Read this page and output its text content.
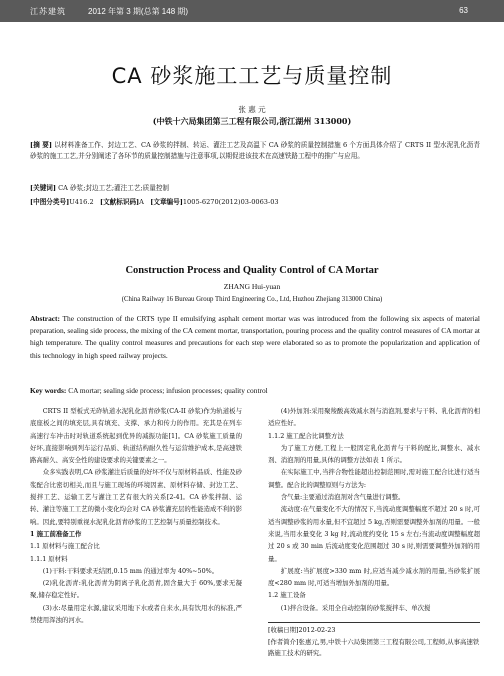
江苏建筑	2012 年第 3 期(总第 148 期)	63
CA 砂浆施工工艺与质量控制
张 惠 元
(中铁十六局集团第三工程有限公司,浙江湖州 313000)
[摘 要] 以材料准备工作、封边工艺、CA 砂浆的拌制、转运、灌注工艺及高温下 CA 砂浆的质量控制措施 6 个方面具体介绍了 CRTS II 型水泥乳化沥青砂浆的施工工艺,并分别阐述了各环节的质量控制措施与注意事项,以期促进该技术在高速铁路工程中的推广与应用。
[关键词] CA 砂浆;封边工艺;灌注工艺;质量控制
[中图分类号]U416.2 [文献标识码]A [文章编号]1005-6270(2012)03-0063-03
Construction Process and Quality Control of CA Mortar
ZHANG Hui-yuan
(China Railway 16 Bureau Group Third Engineering Co., Ltd, Huzhou Zhejiang 313000 China)
Abstract: The construction of the CRTS type II emulsifying asphalt cement mortar was was introduced from the following six aspects of material preparation, sealing side process, the mixing of the CA cement mortar, transportation, pouring process and the quality control measures of CA mortar at high temperature. The quality control measures and precautions for each step were elaborated so as to promote the popularization and application of this technology in high speed railway projects.
Key words: CA mortar; sealing side process; infusion processes; quality control

CRTS II 型板式无砟轨道水泥乳化沥青砂浆(CA-II 砂浆)作为轨道板与底座板之间的填充层,具有填充、支撑、承力和传力的作用。充其是在列车高速行车冲击时对轨道系统起到优异的减振功能[1]。CA 砂浆施工质量的好坏,直接影响到列车运行品质、轨道结构耐久性与运营维护成本,是高速铁路高耐久、高安全性的建设要求的关键要素之一。

众多实践表明,CA 砂浆灌注后质量的好坏不仅与原材料品质、性能及砂浆配合比密切相关,而且与施工现场的环境因素、原材料存储、封边工艺、搅拌工艺、运输工艺与灌注工艺有很大的关系[2-4]。CA 砂浆拌制、运转、灌注等施工工艺的微小变化均会对 CA 砂浆灌充层的性能造成不利的影响。因此,要特别重视水泥乳化沥青砂浆的工艺控制与质量控制技术。

1 施工前准备工作

1.1 原材料与施工配合比

1.1.1 原材料

(1)干料:干料要求无结团,0.15 mm 的通过率为 40%~50%。

(2)乳化沥青:乳化沥青为阴离子乳化沥青,固含量大于 60%,要求无凝聚,储存稳定性好。

(3)水:尽量用定水源,建议采用地下水或者自来水,具有饮用水的标准,严禁使用浑浊的河水。

(4)外加剂:采用聚羧酸高效减水剂与消泡剂,要求与干料、乳化沥青的相适应性好。

1.1.2 施工配合比调整方法

为了施工方便,工程上一般固定乳化沥青与干料的配比,调整水、减水剂、消泡剂的用量,具体的调整方法如表 1 所示。

在实际施工中,当拌合物性能超出控制范围时,需对施工配合比进行适当调整。配合比的调整原则与方法为:

含气量:主要通过消泡剂对含气量进行调整。

流动度:在气量变化不大的情况下,当流动度调整幅度不超过 20 s 时,可适当调整砂浆的用水量,但不宜超过 5 kg,否则需要调整外加剂的用量。一般来说,当用水量变化 3 kg 时,流动度约变化 15 s 左右;当流动度调整幅度超过 20 s 或 30 min 后流动度变化范围超过 30 s 时,则需要调整外加剂的用量。

扩展度:当扩展度>330 mm 时,应适当减少减水剂的用量,当砂浆扩展度<280 mm 时,可适当增加外加剂的用量。

1.2 施工设备

(1)拌合设备。采用全自动控制的砂浆搅拌车、单次搅

[收稿日期]2012-02-23
[作者简介]张惠元,男,中铁十六局集团第三工程有限公司,工程师,从事高速铁路施工技术的研究。
